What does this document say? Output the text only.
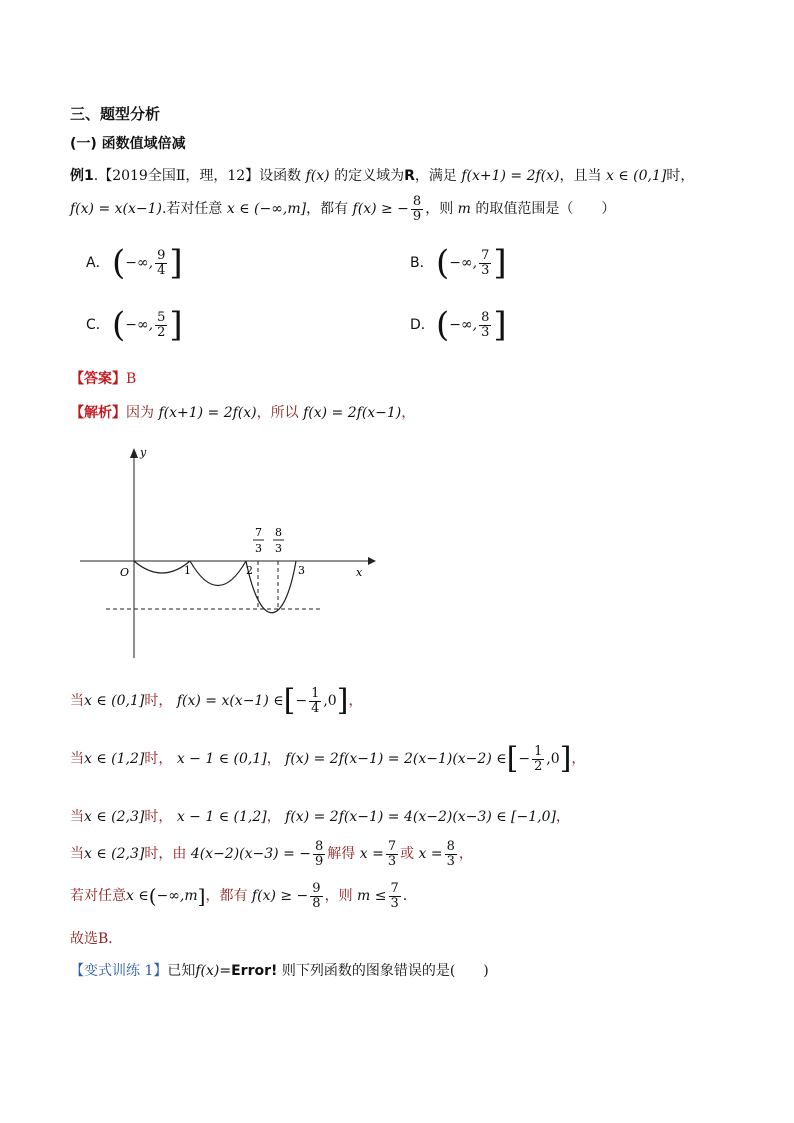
三、题型分析
(一) 函数值域倍减
例1.【2019全国Ⅱ，理，12】设函数 f(x) 的定义域为R，满足 f(x+1) = 2f(x)，且当 x ∈ (0,1]时，
f(x) = x(x−1).若对任意 x ∈ (−∞,m]，都有 f(x) ≥ − $\frac{8}{9}$ ，则 m 的取值范围是（　　）
A．(−∞, $\frac{9}{4}$ ]	B．(−∞, $\frac{7}{3}$ ]
C．(−∞, $\frac{5}{2}$ ]	D．(−∞, $\frac{8}{3}$ ]
【答案】B
【解析】因为 f(x+1) = 2f(x)，所以 f(x) = 2f(x−1)，
y
x
O	1	2	3
7
3
8
3
当x ∈ (0,1]时， f(x) = x(x−1) ∈[− $\frac{1}{4} ,0$]，
当x ∈ (1,2]时， x − 1 ∈ (0,1]， f(x) = 2f(x−1) = 2(x−1)(x−2) ∈[− $\frac{1}{2} ,0$]，
当x ∈ (2,3]时， x − 1 ∈ (1,2]， f(x) = 2f(x−1) = 4(x−2)(x−3) ∈ [−1,0]，
当x ∈ (2,3]时，由 4(x−2)(x−3) = − $\frac{8}{9}$ 解得 $x = \frac{7}{3}$ 或 $x = \frac{8}{3}$ ，
若对任意x ∈(−∞,m]，都有 f(x) ≥ − $\frac{9}{8}$ ，则 $m \le \frac{7}{3}$ .
故选B．
【变式训练 1】已知f(x)=Error! 则下列函数的图象错误的是(　　)
